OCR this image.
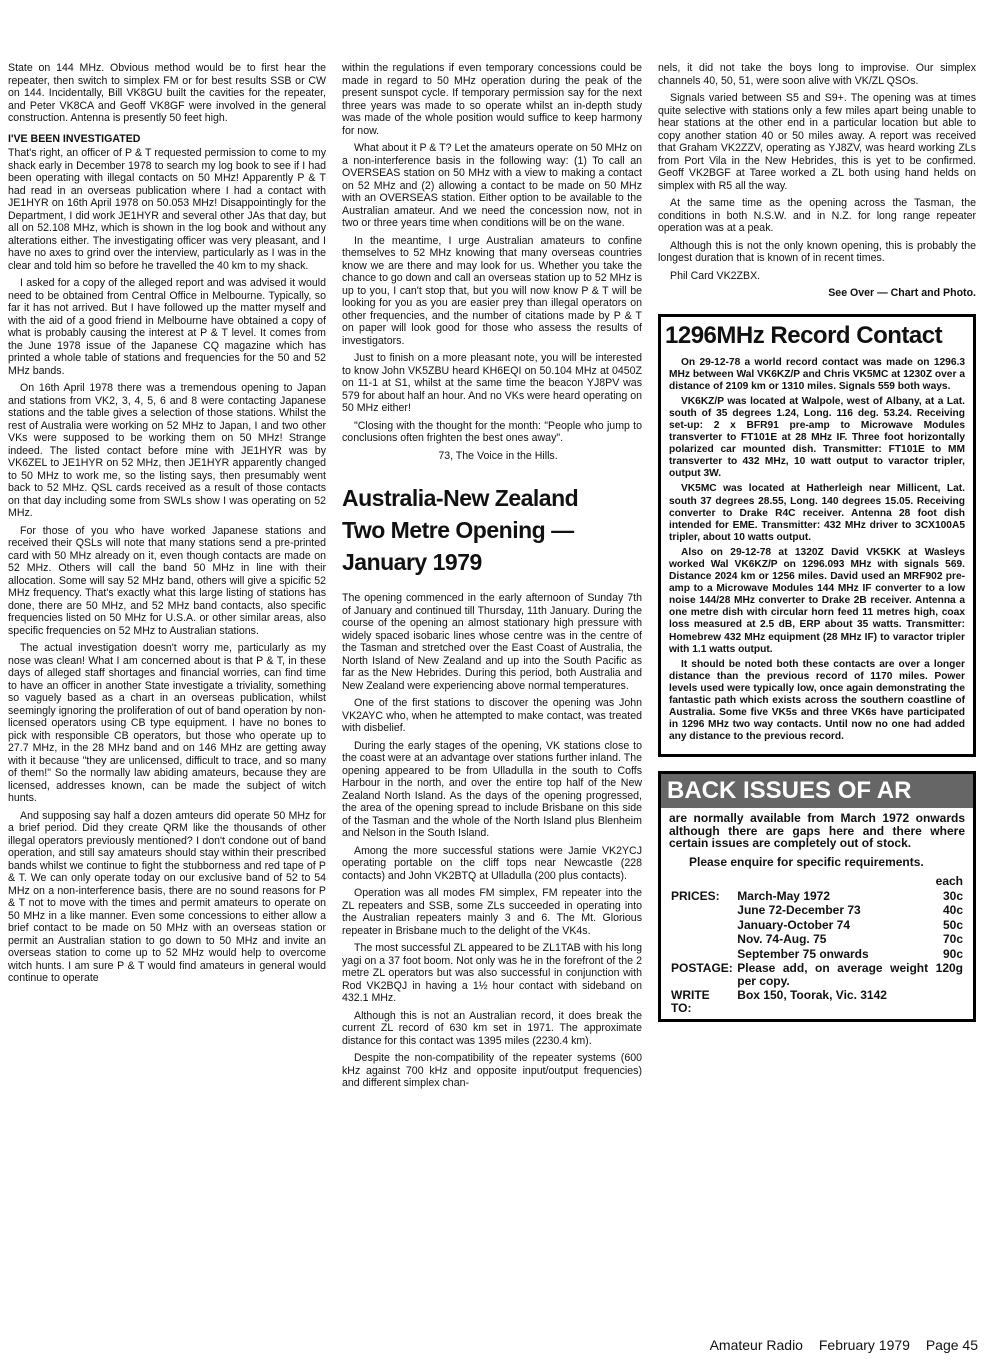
State on 144 MHz. Obvious method would be to first hear the repeater, then switch to simplex FM or for best results SSB or CW on 144. Incidentally, Bill VK8GU built the cavities for the repeater, and Peter VK8CA and Geoff VK8GF were involved in the general construction. Antenna is presently 50 feet high.

I'VE BEEN INVESTIGATED

That's right, an officer of P & T requested permission to come to my shack early in December 1978 to search my log book to see if I had been operating with illegal contacts on 50 MHz! Apparently P & T had read in an overseas publication where I had a contact with JE1HYR on 16th April 1978 on 50.053 MHz! Disappointingly for the Department, I did work JE1HYR and several other JAs that day, but all on 52.108 MHz, which is shown in the log book and without any alterations either. The investigating officer was very pleasant, and I have no axes to grind over the interview, particularly as I was in the clear and told him so before he travelled the 40 km to my shack.

I asked for a copy of the alleged report and was advised it would need to be obtained from Central Office in Melbourne. Typically, so far it has not arrived. But I have followed up the matter myself and with the aid of a good friend in Melbourne have obtained a copy of what is probably causing the interest at P & T level. It comes from the June 1978 issue of the Japanese CQ magazine which has printed a whole table of stations and frequencies for the 50 and 52 MHz bands.

On 16th April 1978 there was a tremendous opening to Japan and stations from VK2, 3, 4, 5, 6 and 8 were contacting Japanese stations and the table gives a selection of those stations. Whilst the rest of Australia were working on 52 MHz to Japan, I and two other VKs were supposed to be working them on 50 MHz! Strange indeed. The listed contact before mine with JE1HYR was by VK6ZEL to JE1HYR on 52 MHz, then JE1HYR apparently changed to 50 MHz to work me, so the listing says, then presumably went back to 52 MHz. QSL cards received as a result of those contacts on that day including some from SWLs show I was operating on 52 MHz.

For those of you who have worked Japanese stations and received their QSLs will note that many stations send a pre-printed card with 50 MHz already on it, even though contacts are made on 52 MHz. Others will call the band 50 MHz in line with their allocation. Some will say 52 MHz band, others will give a spicific 52 MHz frequency. That's exactly what this large listing of stations has done, there are 50 MHz, and 52 MHz band contacts, also specific frequencies listed on 50 MHz for U.S.A. or other similar areas, also specific frequencies on 52 MHz to Australian stations.

The actual investigation doesn't worry me, particularly as my nose was clean! What I am concerned about is that P & T, in these days of alleged staff shortages and financial worries, can find time to have an officer in another State investigate a triviality, something so vaguely based as a chart in an overseas publication, whilst seemingly ignoring the proliferation of out of band operation by non-licensed operators using CB type equipment. I have no bones to pick with responsible CB operators, but those who operate up to 27.7 MHz, in the 28 MHz band and on 146 MHz are getting away with it because "they are unlicensed, difficult to trace, and so many of them!" So the normally law abiding amateurs, because they are licensed, addresses known, can be made the subject of witch hunts.

And supposing say half a dozen amteurs did operate 50 MHz for a brief period. Did they create QRM like the thousands of other illegal operators previously mentioned? I don't condone out of band operation, and still say amateurs should stay within their prescribed bands whilst we continue to fight the stubborness and red tape of P & T. We can only operate today on our exclusive band of 52 to 54 MHz on a non-interference basis, there are no sound reasons for P & T not to move with the times and permit amateurs to operate on 50 MHz in a like manner. Even some concessions to either allow a brief contact to be made on 50 MHz with an overseas station or permit an Australian station to go down to 50 MHz and invite an overseas station to come up to 52 MHz would help to overcome witch hunts. I am sure P & T would find amateurs in general would continue to operate

within the regulations if even temporary concessions could be made in regard to 50 MHz operation during the peak of the present sunspot cycle. If temporary permission say for the next three years was made to so operate whilst an in-depth study was made of the whole position would suffice to keep harmony for now.

What about it P & T? Let the amateurs operate on 50 MHz on a non-interference basis in the following way: (1) To call an OVERSEAS station on 50 MHz with a view to making a contact on 52 MHz and (2) allowing a contact to be made on 50 MHz with an OVERSEAS station. Either option to be available to the Australian amateur. And we need the concession now, not in two or three years time when conditions will be on the wane.

In the meantime, I urge Australian amateurs to confine themselves to 52 MHz knowing that many overseas countries know we are there and may look for us. Whether you take the chance to go down and call an overseas station up to 52 MHz is up to you, I can't stop that, but you will now know P & T will be looking for you as you are easier prey than illegal operators on other frequencies, and the number of citations made by P & T on paper will look good for those who assess the results of investigators.

Just to finish on a more pleasant note, you will be interested to know John VK5ZBU heard KH6EQI on 50.104 MHz at 0450Z on 11-1 at S1, whilst at the same time the beacon YJ8PV was 579 for about half an hour. And no VKs were heard operating on 50 MHz either!

"Closing with the thought for the month: "People who jump to conclusions often frighten the best ones away".

73, The Voice in the Hills.

Australia-New Zealand
Two Metre Opening —
January 1979

The opening commenced in the early afternoon of Sunday 7th of January and continued till Thursday, 11th January. During the course of the opening an almost stationary high pressure with widely spaced isobaric lines whose centre was in the centre of the Tasman and stretched over the East Coast of Australia, the North Island of New Zealand and up into the South Pacific as far as the New Hebrides. During this period, both Australia and New Zealand were experiencing above normal temperatures.

One of the first stations to discover the opening was John VK2AYC who, when he attempted to make contact, was treated with disbelief.

During the early stages of the opening, VK stations close to the coast were at an advantage over stations further inland. The opening appeared to be from Ulladulla in the south to Coffs Harbour in the north, and over the entire top half of the New Zealand North Island. As the days of the opening progressed, the area of the opening spread to include Brisbane on this side of the Tasman and the whole of the North Island plus Blenheim and Nelson in the South Island.

Among the more successful stations were Jamie VK2YCJ operating portable on the cliff tops near Newcastle (228 contacts) and John VK2BTQ at Ulladulla (200 plus contacts).

Operation was all modes FM simplex, FM repeater into the ZL repeaters and SSB, some ZLs succeeded in operating into the Australian repeaters mainly 3 and 6. The Mt. Glorious repeater in Brisbane much to the delight of the VK4s.

The most successful ZL appeared to be ZL1TAB with his long yagi on a 37 foot boom. Not only was he in the forefront of the 2 metre ZL operators but was also successful in conjunction with Rod VK2BQJ in having a 1½ hour contact with sideband on 432.1 MHz.

Although this is not an Australian record, it does break the current ZL record of 630 km set in 1971. The approximate distance for this contact was 1395 miles (2230.4 km).

Despite the non-compatibility of the repeater systems (600 kHz against 700 kHz and opposite input/output frequencies) and different simplex chan-

nels, it did not take the boys long to improvise. Our simplex channels 40, 50, 51, were soon alive with VK/ZL QSOs.

Signals varied between S5 and S9+. The opening was at times quite selective with stations only a few miles apart being unable to hear stations at the other end in a particular location but able to copy another station 40 or 50 miles away. A report was received that Graham VK2ZZV, operating as YJ8ZV, was heard working ZLs from Port Vila in the New Hebrides, this is yet to be confirmed. Geoff VK2BGF at Taree worked a ZL both using hand helds on simplex with R5 all the way.

At the same time as the opening across the Tasman, the conditions in both N.S.W. and in N.Z. for long range repeater operation was at a peak.

Although this is not the only known opening, this is probably the longest duration that is known of in recent times.

Phil Card VK2ZBX.

See Over — Chart and Photo.

1296MHz Record Contact

On 29-12-78 a world record contact was made on 1296.3 MHz between Wal VK6KZ/P and Chris VK5MC at 1230Z over a distance of 2109 km or 1310 miles. Signals 559 both ways.

VK6KZ/P was located at Walpole, west of Albany, at a Lat. south of 35 degrees 1.24, Long. 116 deg. 53.24. Receiving set-up: 2 x BFR91 pre-amp to Microwave Modules transverter to FT101E at 28 MHz IF. Three foot horizontally polarized car mounted dish. Transmitter: FT101E to MM transverter to 432 MHz, 10 watt output to varactor tripler, output 3W.

VK5MC was located at Hatherleigh near Millicent, Lat. south 37 degrees 28.55, Long. 140 degrees 15.05. Receiving converter to Drake R4C receiver. Antenna 28 foot dish intended for EME. Transmitter: 432 MHz driver to 3CX100A5 tripler, about 10 watts output.

Also on 29-12-78 at 1320Z David VK5KK at Wasleys worked Wal VK6KZ/P on 1296.093 MHz with signals 569. Distance 2024 km or 1256 miles. David used an MRF902 pre-amp to a Microwave Modules 144 MHz IF converter to a low noise 144/28 MHz converter to Drake 2B receiver. Antenna a one metre dish with circular horn feed 11 metres high, coax loss measured at 2.5 dB, ERP about 35 watts. Transmitter: Homebrew 432 MHz equipment (28 MHz IF) to varactor tripler with 1.1 watts output.

It should be noted both these contacts are over a longer distance than the previous record of 1170 miles. Power levels used were typically low, once again demonstrating the fantastic path which exists across the southern coastline of Australia. Some five VK5s and three VK6s have participated in 1296 MHz two way contacts. Until now no one had added any distance to the previous record.

BACK ISSUES OF AR

are normally available from March 1972 onwards although there are gaps here and there where certain issues are completely out of stock.

Please enquire for specific requirements.

		each
PRICES:	March-May 1972	30c
	June 72-December 73	40c
	January-October 74	50c
	Nov. 74-Aug. 75	70c
	September 75 onwards	90c
POSTAGE:	Please add, on average weight 120g per copy.	
WRITE TO:	Box 150, Toorak, Vic. 3142	
Amateur Radio February 1979 Page 45
